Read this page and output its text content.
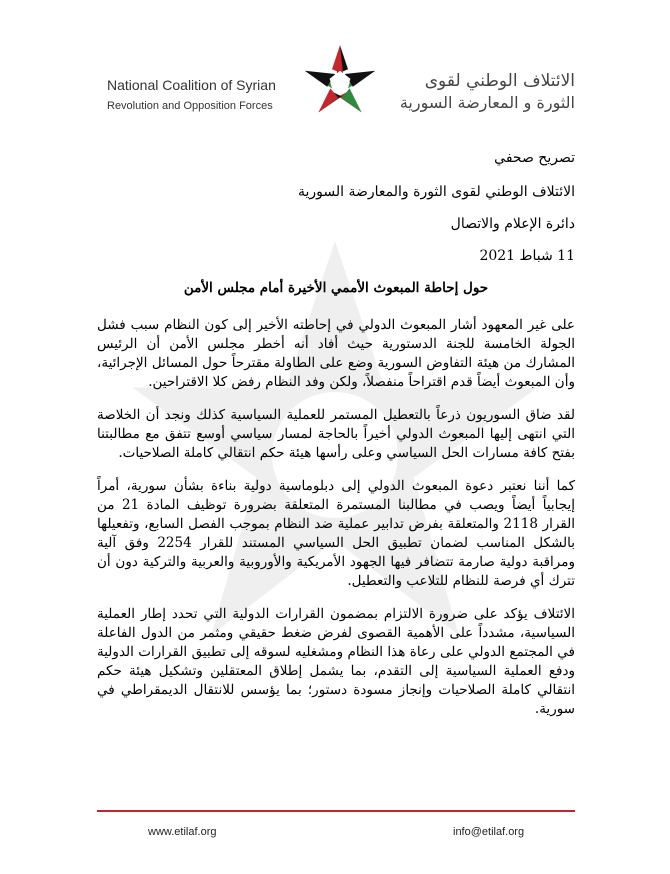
National Coalition of Syrian
Revolution and Opposition Forces
الائتلاف الوطني لقوى
الثورة و المعارضة السورية
تصريح صحفي
الائتلاف الوطني لقوى الثورة والمعارضة السورية
دائرة الإعلام والاتصال
11 شباط 2021
حول إحاطة المبعوث الأممي الأخيرة أمام مجلس الأمن

على غير المعهود أشار المبعوث الدولي في إحاطته الأخير إلى كون النظام سبب فشل الجولة الخامسة للجنة الدستورية حيث أفاد أنه أخطر مجلس الأمن أن الرئيس المشارك من هيئة التفاوض السورية وضع على الطاولة مقترحاً حول المسائل الإجرائية، وأن المبعوث أيضاً قدم اقتراحاً منفصلاً، ولكن وفد النظام رفض كلا الاقتراحين.

لقد ضاق السوريون ذرعاً بالتعطيل المستمر للعملية السياسية كذلك ونجد أن الخلاصة التي انتهى إليها المبعوث الدولي أخيراً بالحاجة لمسار سياسي أوسع تتفق مع مطالبتنا بفتح كافة مسارات الحل السياسي وعلى رأسها هيئة حكم انتقالي كاملة الصلاحيات.

كما أننا نعتبر دعوة المبعوث الدولي إلى دبلوماسية دولية بناءة بشأن سورية، أمراً إيجابياً أيضاً ويصب في مطالبنا المستمرة المتعلقة بضرورة توظيف المادة 21 من القرار 2118 والمتعلقة بفرض تدابير عملية ضد النظام بموجب الفصل السابع، وتفعيلها بالشكل المناسب لضمان تطبيق الحل السياسي المستند للقرار 2254 وفق آلية ومراقبة دولية صارمة تتضافر فيها الجهود الأمريكية والأوروبية والعربية والتركية دون أن تترك أي فرصة للنظام للتلاعب والتعطيل.

الائتلاف يؤكد على ضرورة الالتزام بمضمون القرارات الدولية التي تحدد إطار العملية السياسية، مشدداً على الأهمية القصوى لفرض ضغط حقيقي ومثمر من الدول الفاعلة في المجتمع الدولي على رعاة هذا النظام ومشغليه لسوقه إلى تطبيق القرارات الدولية ودفع العملية السياسية إلى التقدم، بما يشمل إطلاق المعتقلين وتشكيل هيئة حكم انتقالي كاملة الصلاحيات وإنجاز مسودة دستور؛ بما يؤسس للانتقال الديمقراطي في سورية.

www.etilaf.org	info@etilaf.org
